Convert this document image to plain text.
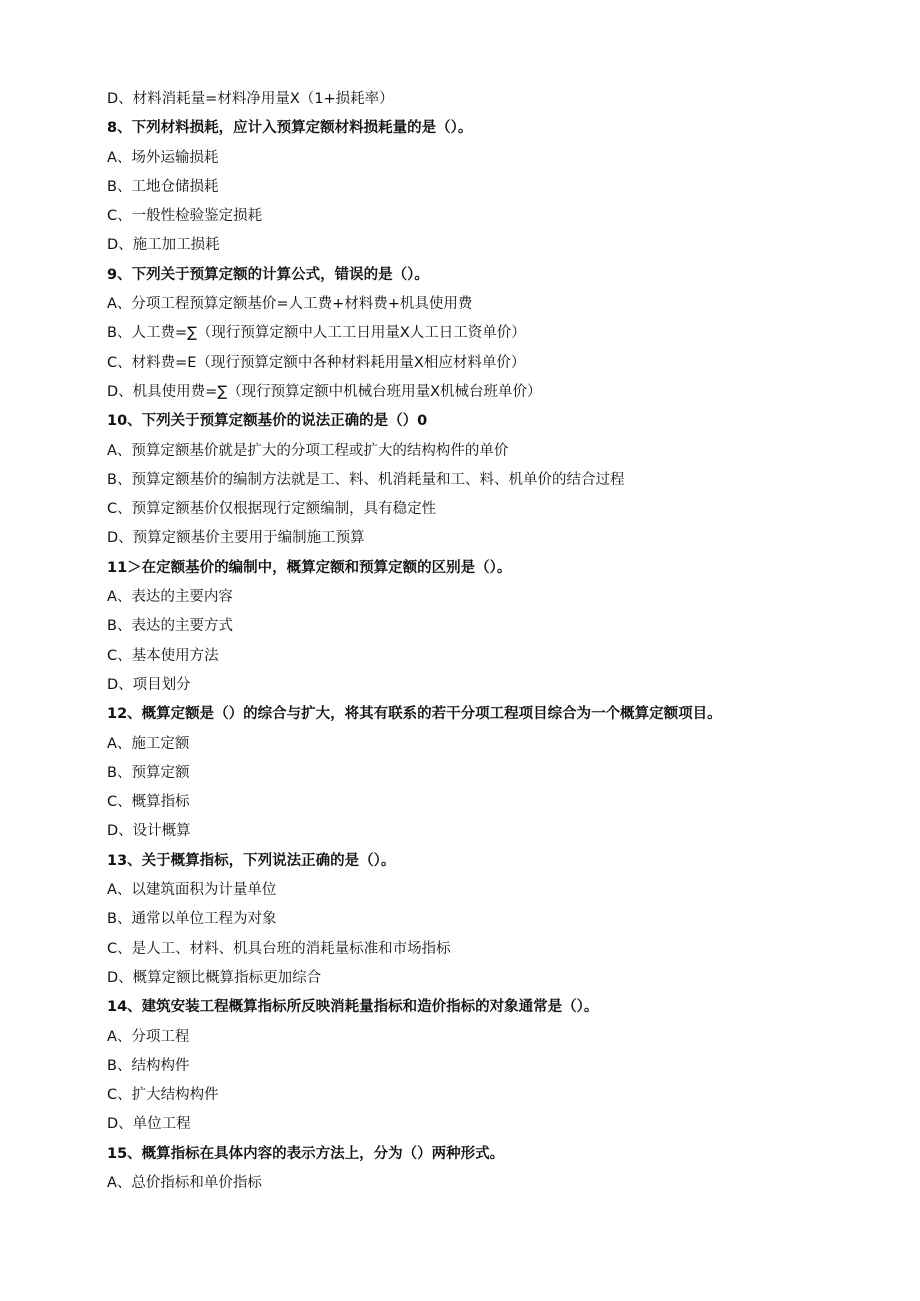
D、材料消耗量=材料净用量X（1+损耗率）
8、下列材料损耗，应计入预算定额材料损耗量的是（）。
A、场外运输损耗
B、工地仓储损耗
C、一般性检验鉴定损耗
D、施工加工损耗
9、下列关于预算定额的计算公式，错误的是（）。
A、分项工程预算定额基价=人工费+材料费+机具使用费
B、人工费=∑（现行预算定额中人工工日用量X人工日工资单价）
C、材料费=E（现行预算定额中各种材料耗用量X相应材料单价）
D、机具使用费=∑（现行预算定额中机械台班用量X机械台班单价）
10、下列关于预算定额基价的说法正确的是（）0
A、预算定额基价就是扩大的分项工程或扩大的结构构件的单价
B、预算定额基价的编制方法就是工、料、机消耗量和工、料、机单价的结合过程
C、预算定额基价仅根据现行定额编制，具有稳定性
D、预算定额基价主要用于编制施工预算
11＞在定额基价的编制中，概算定额和预算定额的区别是（）。
A、表达的主要内容
B、表达的主要方式
C、基本使用方法
D、项目划分
12、概算定额是（）的综合与扩大，将其有联系的若干分项工程项目综合为一个概算定额项目。
A、施工定额
B、预算定额
C、概算指标
D、设计概算
13、关于概算指标，下列说法正确的是（）。
A、以建筑面积为计量单位
B、通常以单位工程为对象
C、是人工、材料、机具台班的消耗量标准和市场指标
D、概算定额比概算指标更加综合
14、建筑安装工程概算指标所反映消耗量指标和造价指标的对象通常是（）。
A、分项工程
B、结构构件
C、扩大结构构件
D、单位工程
15、概算指标在具体内容的表示方法上，分为（）两种形式。
A、总价指标和单价指标
